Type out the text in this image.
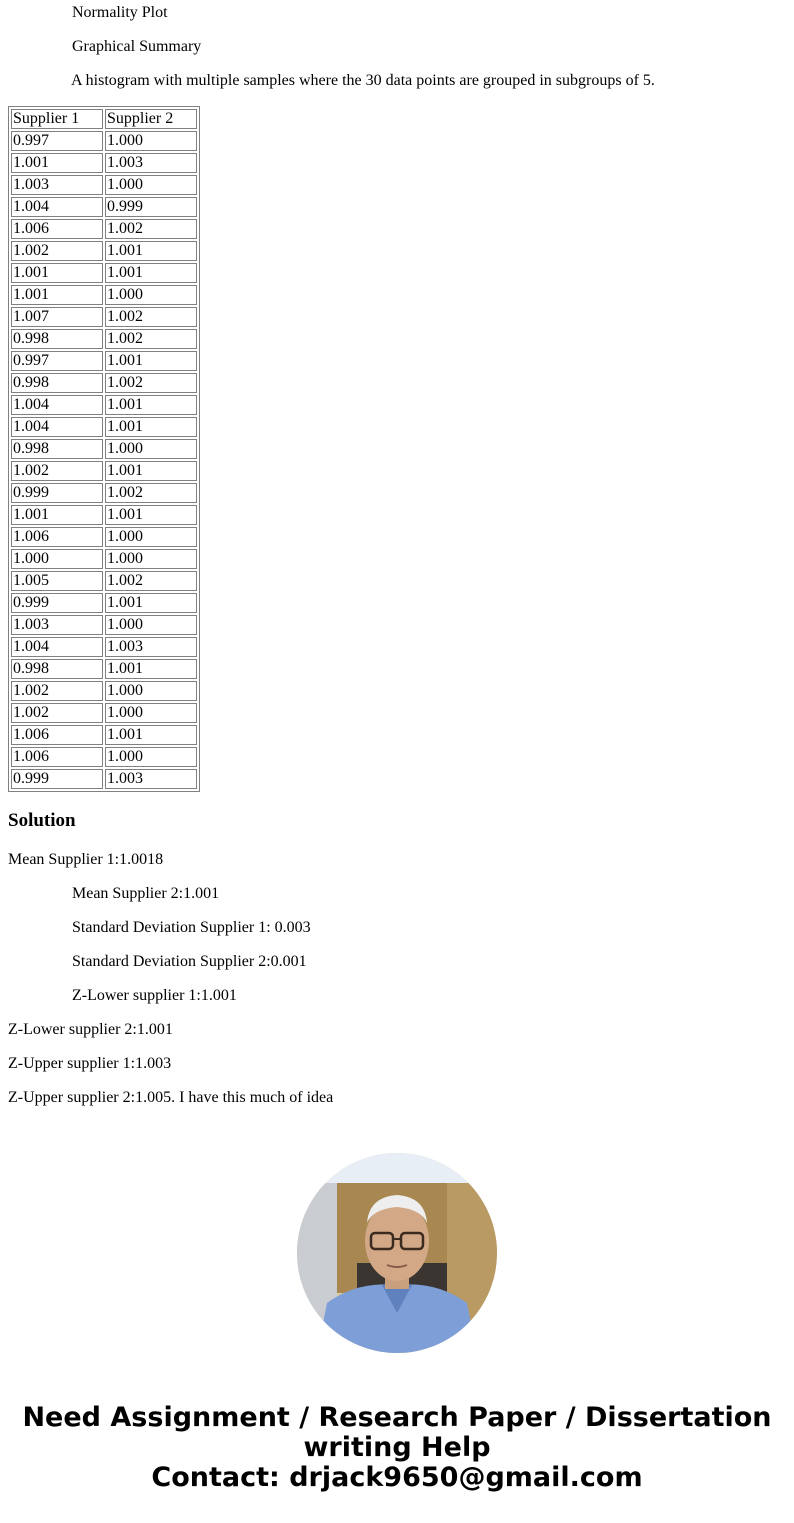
Normality Plot
Graphical Summary
A histogram with multiple samples where the 30 data points are grouped in subgroups of 5.
Supplier 1	Supplier 2
0.997	1.000
1.001	1.003
1.003	1.000
1.004	0.999
1.006	1.002
1.002	1.001
1.001	1.001
1.001	1.000
1.007	1.002
0.998	1.002
0.997	1.001
0.998	1.002
1.004	1.001
1.004	1.001
0.998	1.000
1.002	1.001
0.999	1.002
1.001	1.001
1.006	1.000
1.000	1.000
1.005	1.002
0.999	1.001
1.003	1.000
1.004	1.003
0.998	1.001
1.002	1.000
1.002	1.000
1.006	1.001
1.006	1.000
0.999	1.003
Solution
Mean Supplier 1:1.0018
Mean Supplier 2:1.001
Standard Deviation Supplier 1: 0.003
Standard Deviation Supplier 2:0.001
Z-Lower supplier 1:1.001
Z-Lower supplier 2:1.001
Z-Upper supplier 1:1.003
Z-Upper supplier 2:1.005. I have this much of idea
Need Assignment / Research Paper / Dissertation
writing Help
Contact: drjack9650@gmail.com
